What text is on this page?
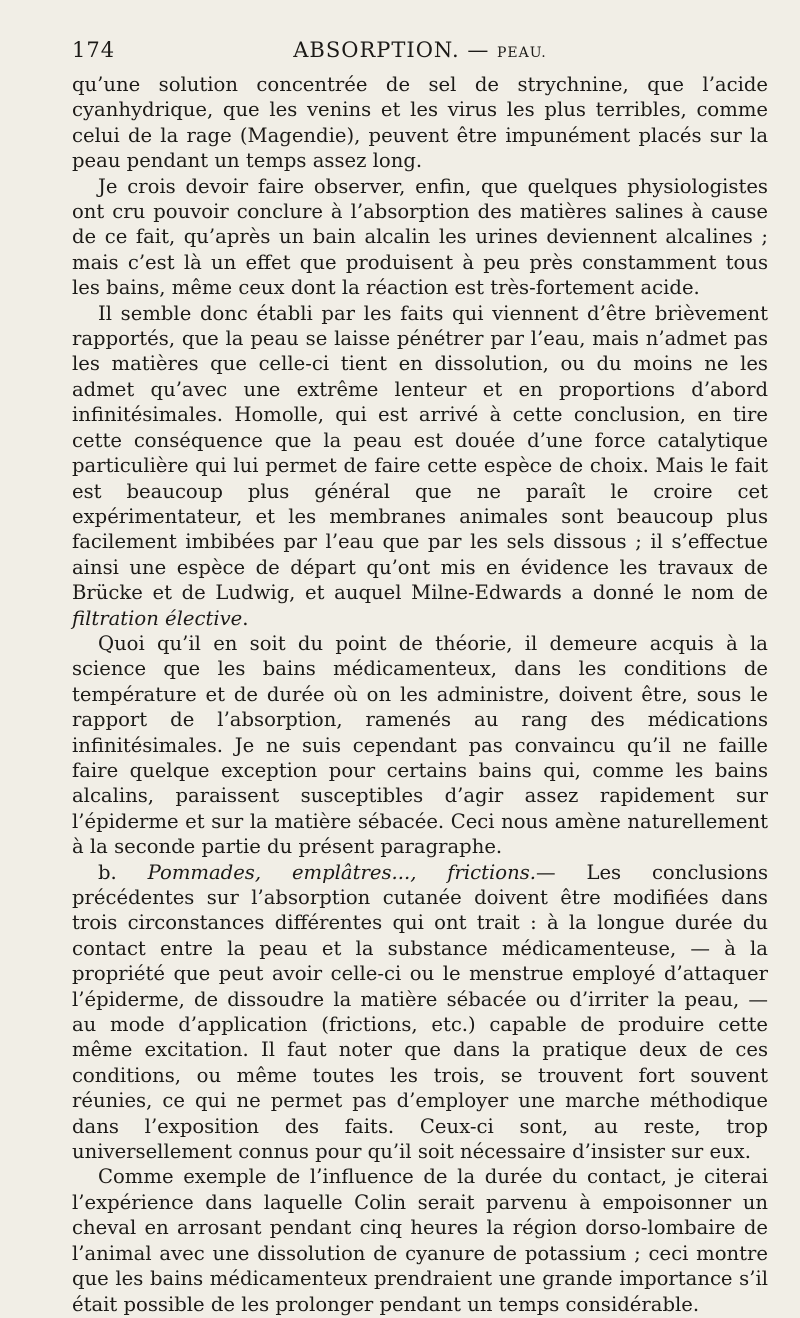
174	ABSORPTION. — PEAU.

qu’une solution concentrée de sel de strychnine, que l’acide cyanhydrique, que les venins et les virus les plus terribles, comme celui de la rage (Magendie), peuvent être impunément placés sur la peau pendant un temps assez long.

Je crois devoir faire observer, enfin, que quelques physiologistes ont cru pouvoir conclure à l’absorption des matières salines à cause de ce fait, qu’après un bain alcalin les urines deviennent alcalines ; mais c’est là un effet que produisent à peu près constamment tous les bains, même ceux dont la réaction est très-fortement acide.

Il semble donc établi par les faits qui viennent d’être brièvement rapportés, que la peau se laisse pénétrer par l’eau, mais n’admet pas les matières que celle-ci tient en dissolution, ou du moins ne les admet qu’avec une extrême lenteur et en proportions d’abord infinitésimales. Homolle, qui est arrivé à cette conclusion, en tire cette conséquence que la peau est douée d’une force catalytique particulière qui lui permet de faire cette espèce de choix. Mais le fait est beaucoup plus général que ne paraît le croire cet expérimentateur, et les membranes animales sont beaucoup plus facilement imbibées par l’eau que par les sels dissous ; il s’effectue ainsi une espèce de départ qu’ont mis en évidence les travaux de Brücke et de Ludwig, et auquel Milne-Edwards a donné le nom de filtration élective.

Quoi qu’il en soit du point de théorie, il demeure acquis à la science que les bains médicamenteux, dans les conditions de température et de durée où on les administre, doivent être, sous le rapport de l’absorption, ramenés au rang des médications infinitésimales. Je ne suis cependant pas convaincu qu’il ne faille faire quelque exception pour certains bains qui, comme les bains alcalins, paraissent susceptibles d’agir assez rapidement sur l’épiderme et sur la matière sébacée. Ceci nous amène naturellement à la seconde partie du présent paragraphe.

b. Pommades, emplâtres..., frictions.— Les conclusions précédentes sur l’absorption cutanée doivent être modifiées dans trois circonstances différentes qui ont trait : à la longue durée du contact entre la peau et la substance médicamenteuse, — à la propriété que peut avoir celle-ci ou le menstrue employé d’attaquer l’épiderme, de dissoudre la matière sébacée ou d’irriter la peau, — au mode d’application (frictions, etc.) capable de produire cette même excitation. Il faut noter que dans la pratique deux de ces conditions, ou même toutes les trois, se trouvent fort souvent réunies, ce qui ne permet pas d’employer une marche méthodique dans l’exposition des faits. Ceux-ci sont, au reste, trop universellement connus pour qu’il soit nécessaire d’insister sur eux.

Comme exemple de l’influence de la durée du contact, je citerai l’expérience dans laquelle Colin serait parvenu à empoisonner un cheval en arrosant pendant cinq heures la région dorso-lombaire de l’animal avec une dissolution de cyanure de potassium ; ceci montre que les bains médicamenteux prendraient une grande importance s’il était possible de les prolonger pendant un temps considérable.
